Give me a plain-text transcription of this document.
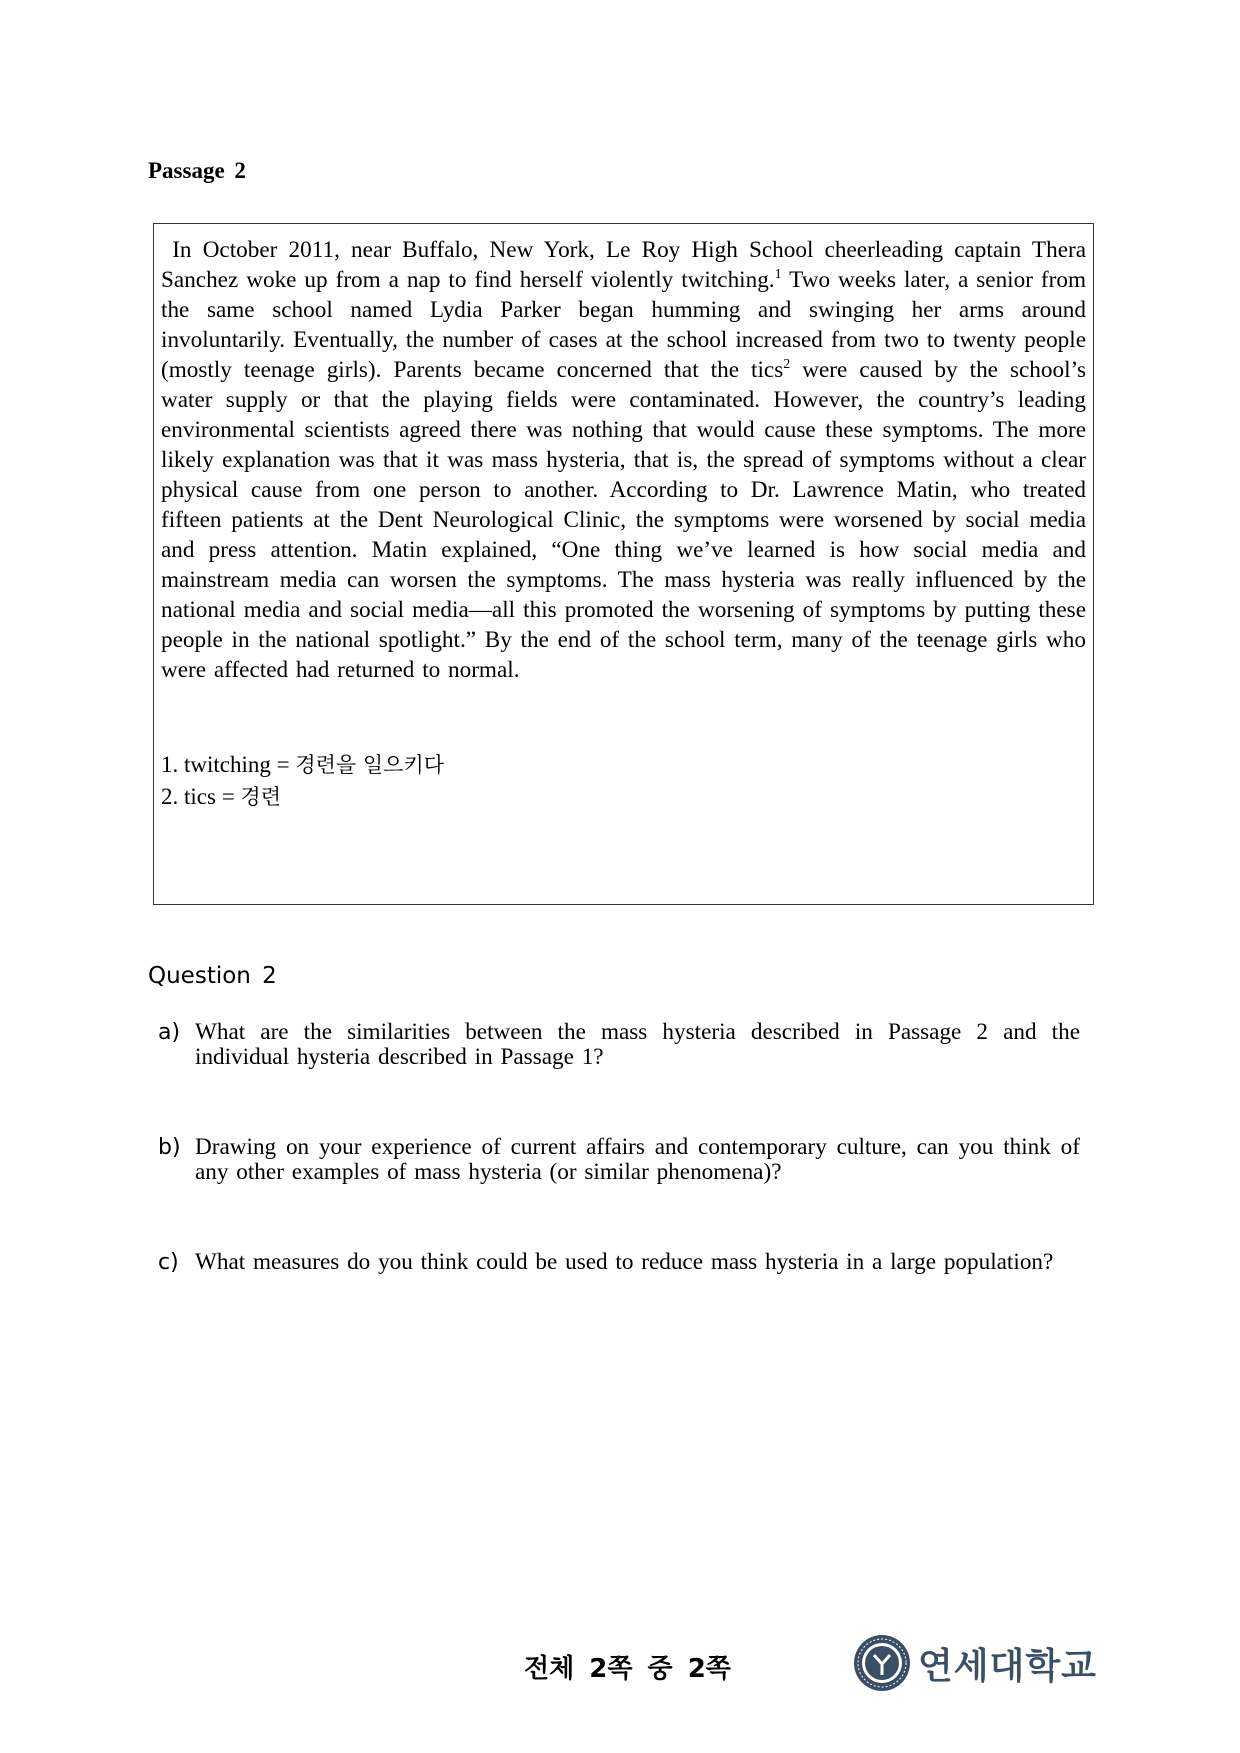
Passage 2

In October 2011, near Buffalo, New York, Le Roy High School cheerleading captain Thera Sanchez woke up from a nap to find herself violently twitching.$^1$ Two weeks later, a senior from the same school named Lydia Parker began humming and swinging her arms around involuntarily. Eventually, the number of cases at the school increased from two to twenty people (mostly teenage girls). Parents became concerned that the tics$^2$ were caused by the school’s water supply or that the playing fields were contaminated. However, the country’s leading environmental scientists agreed there was nothing that would cause these symptoms. The more likely explanation was that it was mass hysteria, that is, the spread of symptoms without a clear physical cause from one person to another. According to Dr. Lawrence Matin, who treated fifteen patients at the Dent Neurological Clinic, the symptoms were worsened by social media and press attention. Matin explained, “One thing we’ve learned is how social media and mainstream media can worsen the symptoms. The mass hysteria was really influenced by the national media and social media—all this promoted the worsening of symptoms by putting these people in the national spotlight.” By the end of the school term, many of the teenage girls who were affected had returned to normal.

1. twitching = 경련을 일으키다
2. tics = 경련
Question 2
a) What are the similarities between the mass hysteria described in Passage 2 and the individual hysteria described in Passage 1?
b) Drawing on your experience of current affairs and contemporary culture, can you think of any other examples of mass hysteria (or similar phenomena)?
c) What measures do you think could be used to reduce mass hysteria in a large population?
전체 2쪽 중 2쪽	연세대학교
